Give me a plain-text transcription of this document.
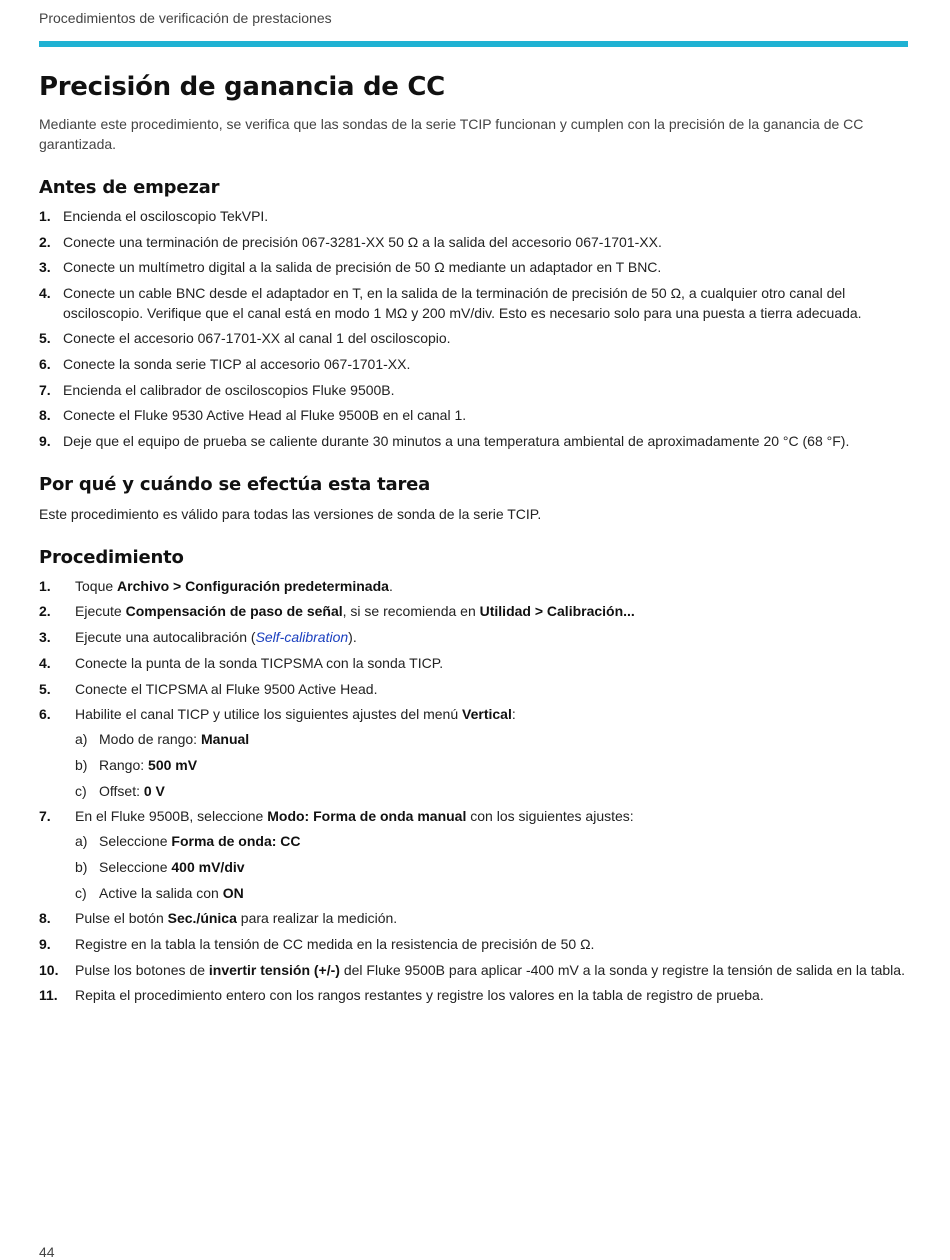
Procedimientos de verificación de prestaciones
Precisión de ganancia de CC

Mediante este procedimiento, se verifica que las sondas de la serie TCIP funcionan y cumplen con la precisión de la ganancia de CC garantizada.

Antes de empezar
1. Encienda el osciloscopio TekVPI.
2. Conecte una terminación de precisión 067-3281-XX 50 Ω a la salida del accesorio 067-1701-XX.
3. Conecte un multímetro digital a la salida de precisión de 50 Ω mediante un adaptador en T BNC.
4. Conecte un cable BNC desde el adaptador en T, en la salida de la terminación de precisión de 50 Ω, a cualquier otro canal del osciloscopio. Verifique que el canal está en modo 1 MΩ y 200 mV/div. Esto es necesario solo para una puesta a tierra adecuada.
5. Conecte el accesorio 067-1701-XX al canal 1 del osciloscopio.
6. Conecte la sonda serie TICP al accesorio 067-1701-XX.
7. Encienda el calibrador de osciloscopios Fluke 9500B.
8. Conecte el Fluke 9530 Active Head al Fluke 9500B en el canal 1.
9. Deje que el equipo de prueba se caliente durante 30 minutos a una temperatura ambiental de aproximadamente 20 °C (68 °F).
Por qué y cuándo se efectúa esta tarea

Este procedimiento es válido para todas las versiones de sonda de la serie TCIP.

Procedimiento
1. Toque Archivo > Configuración predeterminada.
2. Ejecute Compensación de paso de señal, si se recomienda en Utilidad > Calibración...
3. Ejecute una autocalibración (Self-calibration).
4. Conecte la punta de la sonda TICPSMA con la sonda TICP.
5. Conecte el TICPSMA al Fluke 9500 Active Head.
6. Habilite el canal TICP y utilice los siguientes ajustes del menú Vertical:
a) Modo de rango: Manual
b) Rango: 500 mV
c) Offset: 0 V
7. En el Fluke 9500B, seleccione Modo: Forma de onda manual con los siguientes ajustes:
a) Seleccione Forma de onda: CC
b) Seleccione 400 mV/div
c) Active la salida con ON
8. Pulse el botón Sec./única para realizar la medición.
9. Registre en la tabla la tensión de CC medida en la resistencia de precisión de 50 Ω.
10. Pulse los botones de invertir tensión (+/-) del Fluke 9500B para aplicar -400 mV a la sonda y registre la tensión de salida en la tabla.
11. Repita el procedimiento entero con los rangos restantes y registre los valores en la tabla de registro de prueba.
44
